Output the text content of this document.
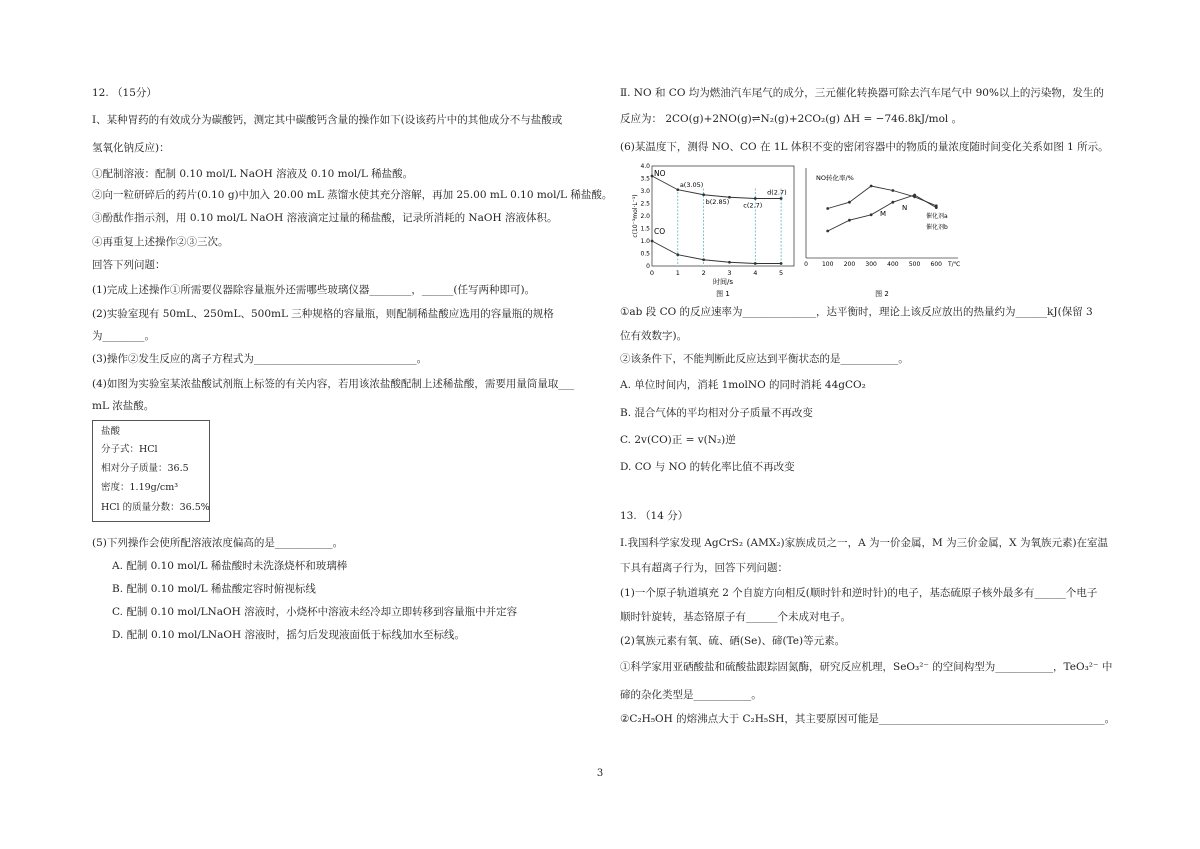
12. （15分）
Ⅰ、某种胃药的有效成分为碳酸钙，测定其中碳酸钙含量的操作如下(设该药片中的其他成分不与盐酸或
氢氧化钠反应)：
①配制溶液：配制 0.10 mol/L NaOH 溶液及 0.10 mol/L 稀盐酸。
②向一粒研碎后的药片(0.10 g)中加入 20.00 mL 蒸馏水使其充分溶解，再加 25.00 mL 0.10 mol/L 稀盐酸。
③酚酞作指示剂，用 0.10 mol/L NaOH 溶液滴定过量的稀盐酸，记录所消耗的 NaOH 溶液体积。
④再重复上述操作②③三次。
回答下列问题：
(1)完成上述操作①所需要仪器除容量瓶外还需哪些玻璃仪器________，______(任写两种即可)。
(2)实验室现有 50mL、250mL、500mL 三种规格的容量瓶，则配制稀盐酸应选用的容量瓶的规格
为________。
(3)操作②发生反应的离子方程式为_______________________________。
(4)如图为实验室某浓盐酸试剂瓶上标签的有关内容，若用该浓盐酸配制上述稀盐酸，需要用量筒量取___
mL 浓盐酸。
盐酸
分子式：HCl
相对分子质量：36.5
密度：1.19g/cm³
HCl 的质量分数：36.5%
(5)下列操作会使所配溶液浓度偏高的是___________。
A. 配制 0.10 mol/L 稀盐酸时未洗涤烧杯和玻璃棒
B. 配制 0.10 mol/L 稀盐酸定容时俯视标线
C. 配制 0.10 mol/LNaOH 溶液时，小烧杯中溶液未经冷却立即转移到容量瓶中并定容
D. 配制 0.10 mol/LNaOH 溶液时，摇匀后发现液面低于标线加水至标线。
Ⅱ. NO 和 CO 均为燃油汽车尾气的成分，三元催化转换器可除去汽车尾气中 90%以上的污染物，发生的
反应为： 2CO(g)+2NO(g)⇌N₂(g)+2CO₂(g) ΔH = −746.8kJ/mol 。
(6)某温度下，测得 NO、CO 在 1L 体积不变的密闭容器中的物质的量浓度随时间变化关系如图 1 所示。
①ab 段 CO 的反应速率为______________，达平衡时，理论上该反应放出的热量约为______kJ(保留 3
位有效数字)。
②该条件下，不能判断此反应达到平衡状态的是___________。
A. 单位时间内，消耗 1molNO 的同时消耗 44gCO₂
B. 混合气体的平均相对分子质量不再改变
C. 2v(CO)正 = v(N₂)逆
D. CO 与 NO 的转化率比值不再改变
13. （14 分）
Ⅰ.我国科学家发现 AgCrS₂ (AMX₂)家族成员之一，A 为一价金属，M 为三价金属，X 为氧族元素)在室温
下具有超离子行为，回答下列问题：
(1)一个原子轨道填充 2 个自旋方向相反(顺时针和逆时针)的电子，基态硫原子核外最多有______个电子
顺时针旋转，基态铬原子有______个未成对电子。
(2)氧族元素有氧、硫、硒(Se)、碲(Te)等元素。
①科学家用亚硒酸盐和硫酸盐跟踪固氮酶，研究反应机理，SeO₃²⁻ 的空间构型为___________，TeO₃²⁻ 中
碲的杂化类型是___________。
②C₂H₅OH 的熔沸点大于 C₂H₅SH，其主要原因可能是___________________________________________。
0
0.5
1.0
1.5
2.0
2.5
3.0
3.5
4.0
0	1	2	3	4	5
NO
CO
a(3.05)
b(2.85) c(2.7)
d(2.7)
c(10⁻³mol·L⁻¹)
时间/s
图 1
NO转化率/%
0 100 200 300 400 500 600
M
N
催化剂a
催化剂b
T/℃
图 2
3
